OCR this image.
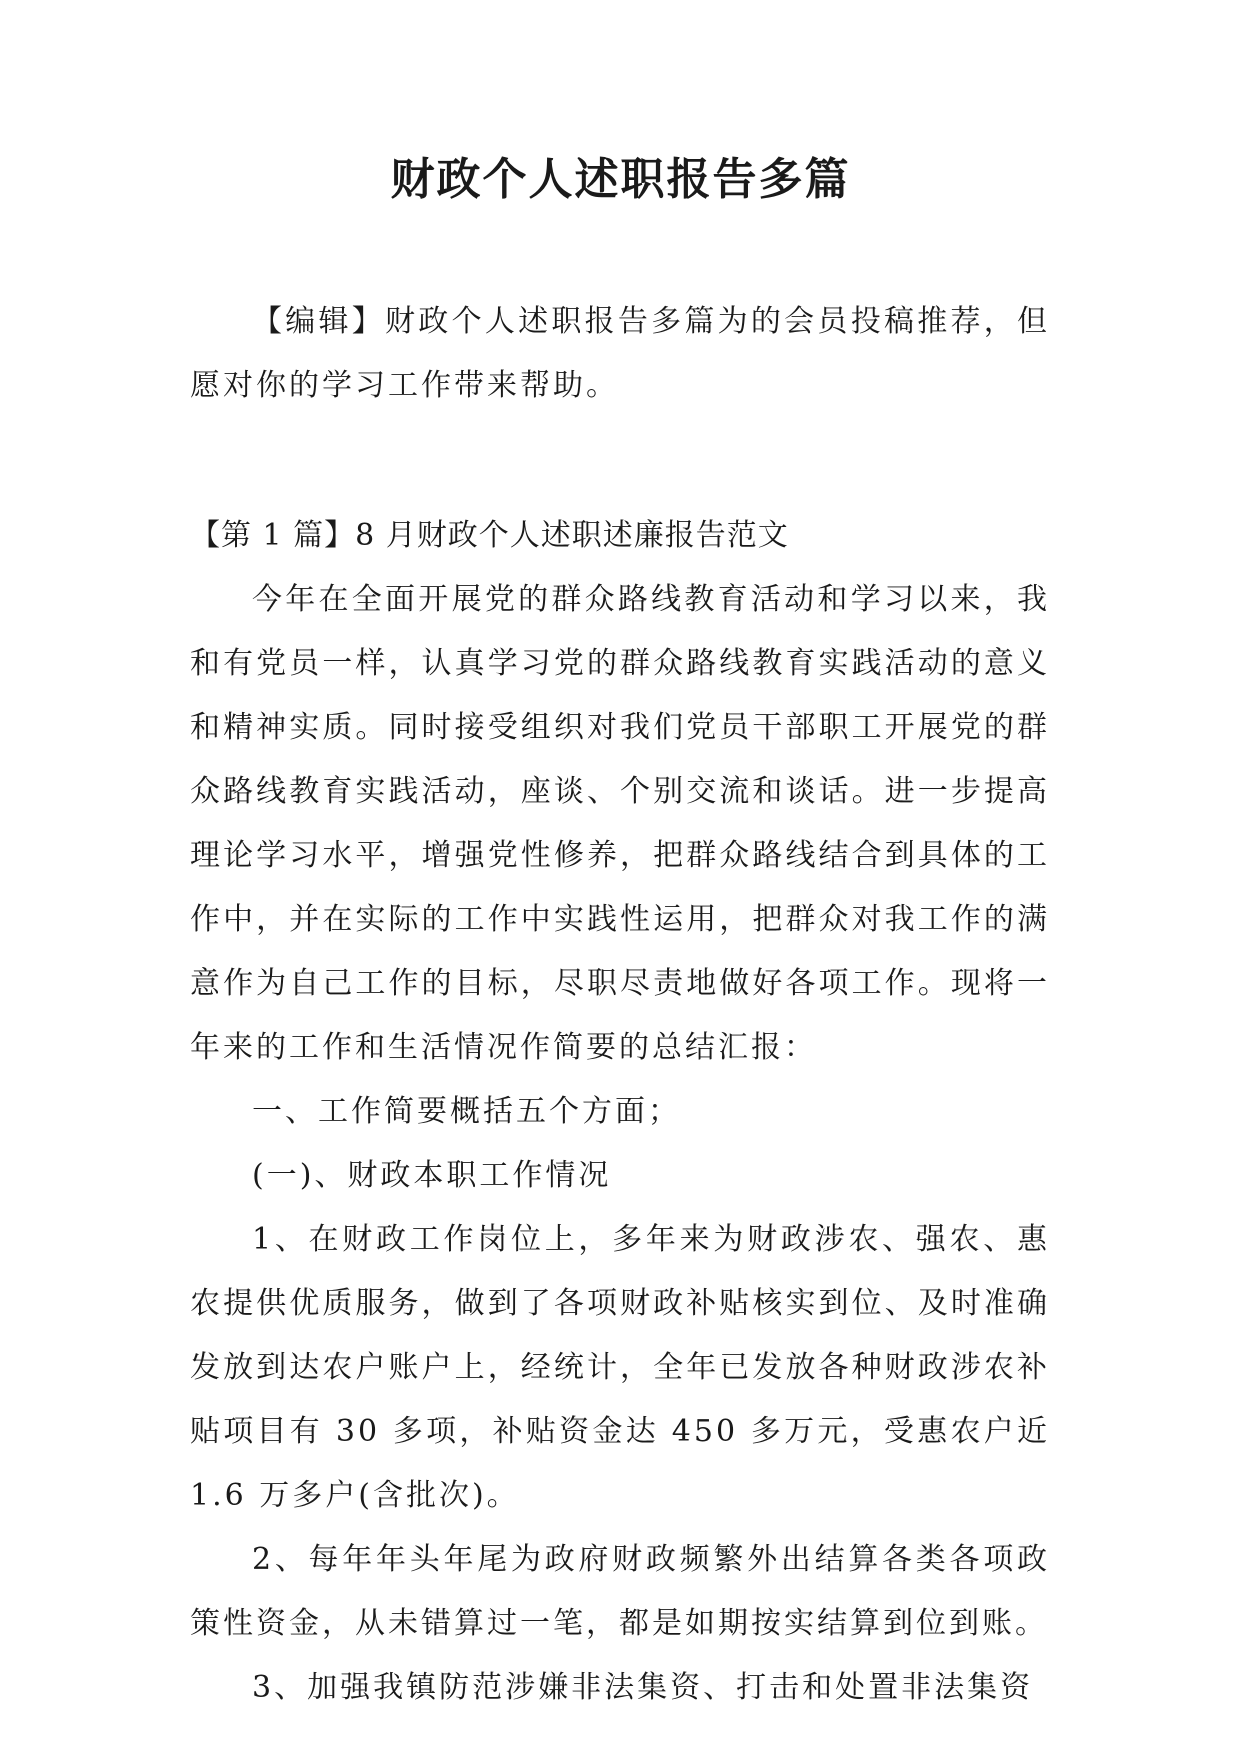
财政个人述职报告多篇

【编辑】财政个人述职报告多篇为的会员投稿推荐，但愿对你的学习工作带来帮助。

【第 1 篇】8 月财政个人述职述廉报告范文

今年在全面开展党的群众路线教育活动和学习以来，我和有党员一样，认真学习党的群众路线教育实践活动的意义和精神实质。同时接受组织对我们党员干部职工开展党的群众路线教育实践活动，座谈、个别交流和谈话。进一步提高理论学习水平，增强党性修养，把群众路线结合到具体的工作中，并在实际的工作中实践性运用，把群众对我工作的满意作为自己工作的目标，尽职尽责地做好各项工作。现将一年来的工作和生活情况作简要的总结汇报：

一、工作简要概括五个方面；

(一)、财政本职工作情况

1、在财政工作岗位上，多年来为财政涉农、强农、惠农提供优质服务，做到了各项财政补贴核实到位、及时准确发放到达农户账户上，经统计，全年已发放各种财政涉农补贴项目有 30 多项，补贴资金达 450 多万元，受惠农户近 1.6 万多户(含批次)。

2、每年年头年尾为政府财政频繁外出结算各类各项政策性资金，从未错算过一笔，都是如期按实结算到位到账。

3、加强我镇防范涉嫌非法集资、打击和处置非法集资
